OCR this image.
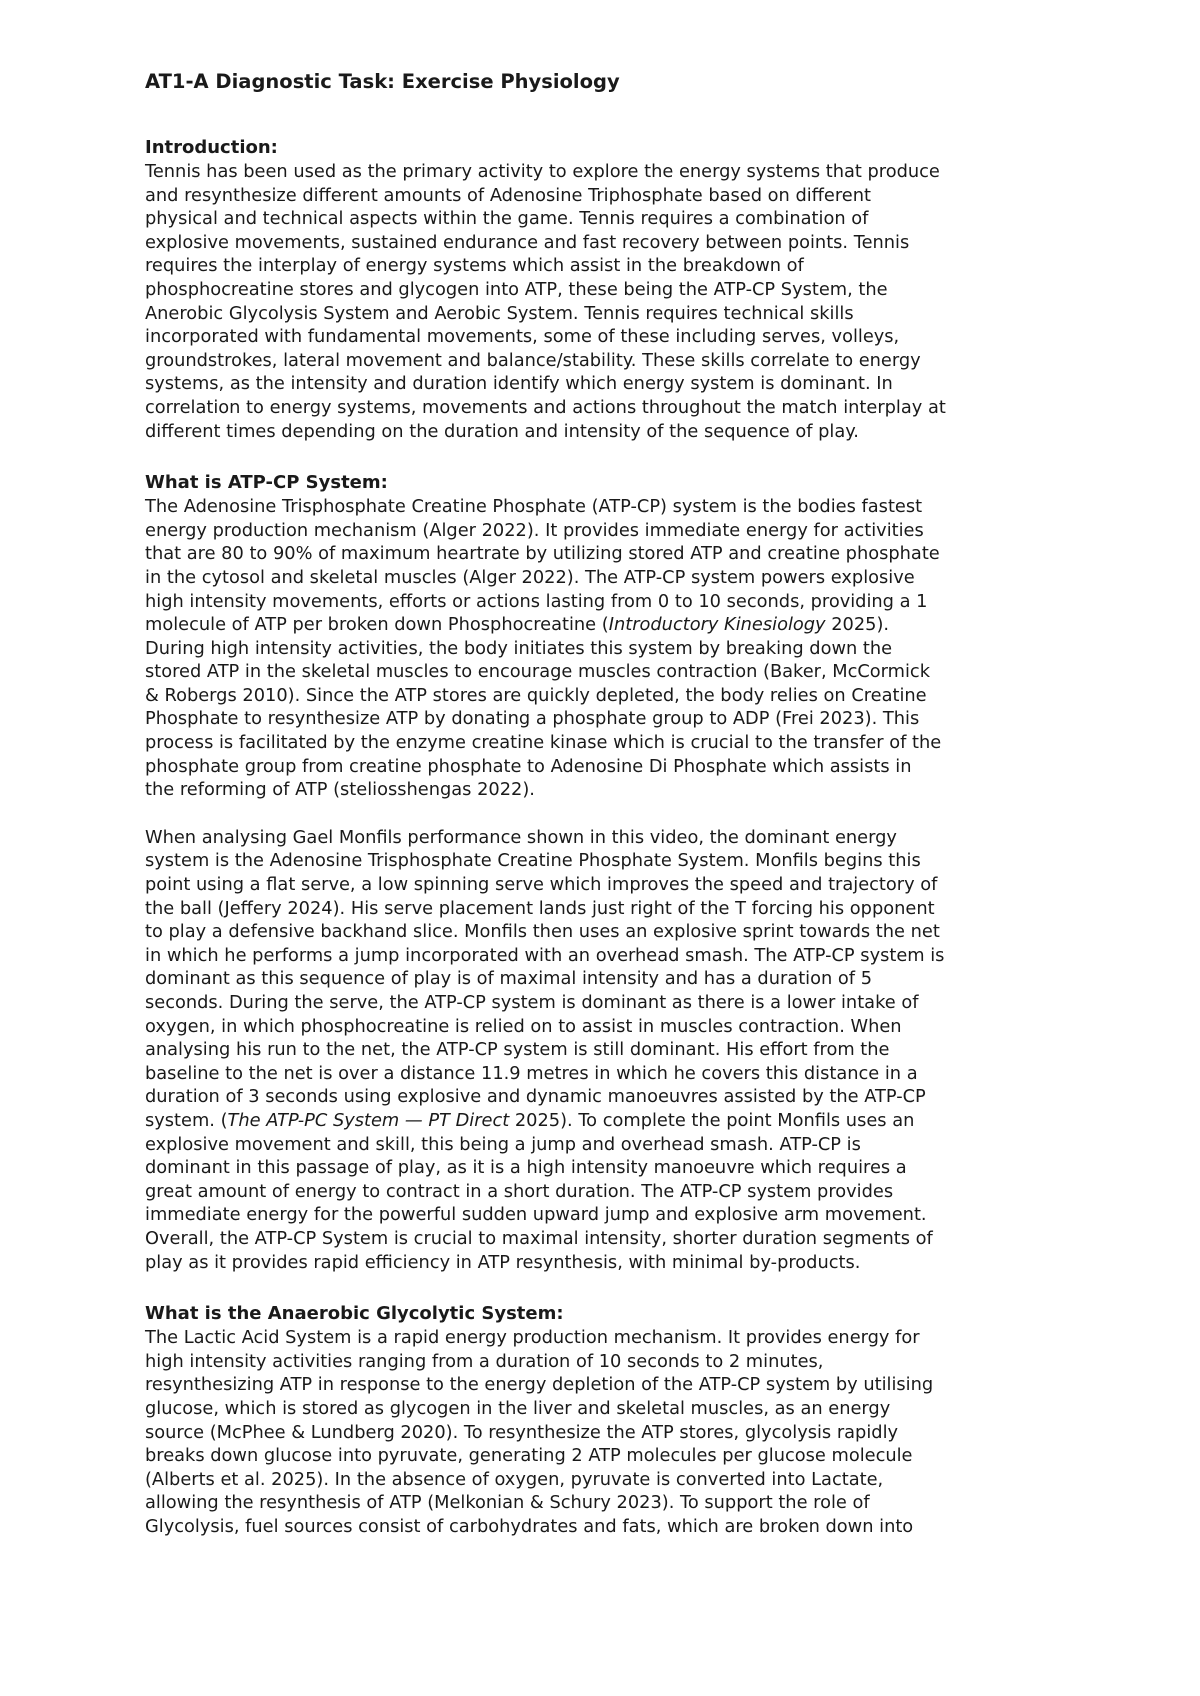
AT1-A Diagnostic Task: Exercise Physiology
Introduction:
Tennis has been used as the primary activity to explore the energy systems that produce
and resynthesize different amounts of Adenosine Triphosphate based on different
physical and technical aspects within the game. Tennis requires a combination of
explosive movements, sustained endurance and fast recovery between points. Tennis
requires the interplay of energy systems which assist in the breakdown of
phosphocreatine stores and glycogen into ATP, these being the ATP-CP System, the
Anerobic Glycolysis System and Aerobic System. Tennis requires technical skills
incorporated with fundamental movements, some of these including serves, volleys,
groundstrokes, lateral movement and balance/stability. These skills correlate to energy
systems, as the intensity and duration identify which energy system is dominant. In
correlation to energy systems, movements and actions throughout the match interplay at
different times depending on the duration and intensity of the sequence of play.
What is ATP-CP System:
The Adenosine Trisphosphate Creatine Phosphate (ATP-CP) system is the bodies fastest
energy production mechanism (Alger 2022). It provides immediate energy for activities
that are 80 to 90% of maximum heartrate by utilizing stored ATP and creatine phosphate
in the cytosol and skeletal muscles (Alger 2022). The ATP-CP system powers explosive
high intensity movements, efforts or actions lasting from 0 to 10 seconds, providing a 1
molecule of ATP per broken down Phosphocreatine (Introductory Kinesiology 2025).
During high intensity activities, the body initiates this system by breaking down the
stored ATP in the skeletal muscles to encourage muscles contraction (Baker, McCormick
& Robergs 2010). Since the ATP stores are quickly depleted, the body relies on Creatine
Phosphate to resynthesize ATP by donating a phosphate group to ADP (Frei 2023). This
process is facilitated by the enzyme creatine kinase which is crucial to the transfer of the
phosphate group from creatine phosphate to Adenosine Di Phosphate which assists in
the reforming of ATP (steliosshengas 2022).
When analysing Gael Monfils performance shown in this video, the dominant energy
system is the Adenosine Trisphosphate Creatine Phosphate System. Monfils begins this
point using a flat serve, a low spinning serve which improves the speed and trajectory of
the ball (Jeffery 2024). His serve placement lands just right of the T forcing his opponent
to play a defensive backhand slice. Monfils then uses an explosive sprint towards the net
in which he performs a jump incorporated with an overhead smash. The ATP-CP system is
dominant as this sequence of play is of maximal intensity and has a duration of 5
seconds. During the serve, the ATP-CP system is dominant as there is a lower intake of
oxygen, in which phosphocreatine is relied on to assist in muscles contraction. When
analysing his run to the net, the ATP-CP system is still dominant. His effort from the
baseline to the net is over a distance 11.9 metres in which he covers this distance in a
duration of 3 seconds using explosive and dynamic manoeuvres assisted by the ATP-CP
system. (The ATP-PC System — PT Direct 2025). To complete the point Monfils uses an
explosive movement and skill, this being a jump and overhead smash. ATP-CP is
dominant in this passage of play, as it is a high intensity manoeuvre which requires a
great amount of energy to contract in a short duration. The ATP-CP system provides
immediate energy for the powerful sudden upward jump and explosive arm movement.
Overall, the ATP-CP System is crucial to maximal intensity, shorter duration segments of
play as it provides rapid efficiency in ATP resynthesis, with minimal by-products.
What is the Anaerobic Glycolytic System:
The Lactic Acid System is a rapid energy production mechanism. It provides energy for
high intensity activities ranging from a duration of 10 seconds to 2 minutes,
resynthesizing ATP in response to the energy depletion of the ATP-CP system by utilising
glucose, which is stored as glycogen in the liver and skeletal muscles, as an energy
source (McPhee & Lundberg 2020). To resynthesize the ATP stores, glycolysis rapidly
breaks down glucose into pyruvate, generating 2 ATP molecules per glucose molecule
(Alberts et al. 2025). In the absence of oxygen, pyruvate is converted into Lactate,
allowing the resynthesis of ATP (Melkonian & Schury 2023). To support the role of
Glycolysis, fuel sources consist of carbohydrates and fats, which are broken down into
